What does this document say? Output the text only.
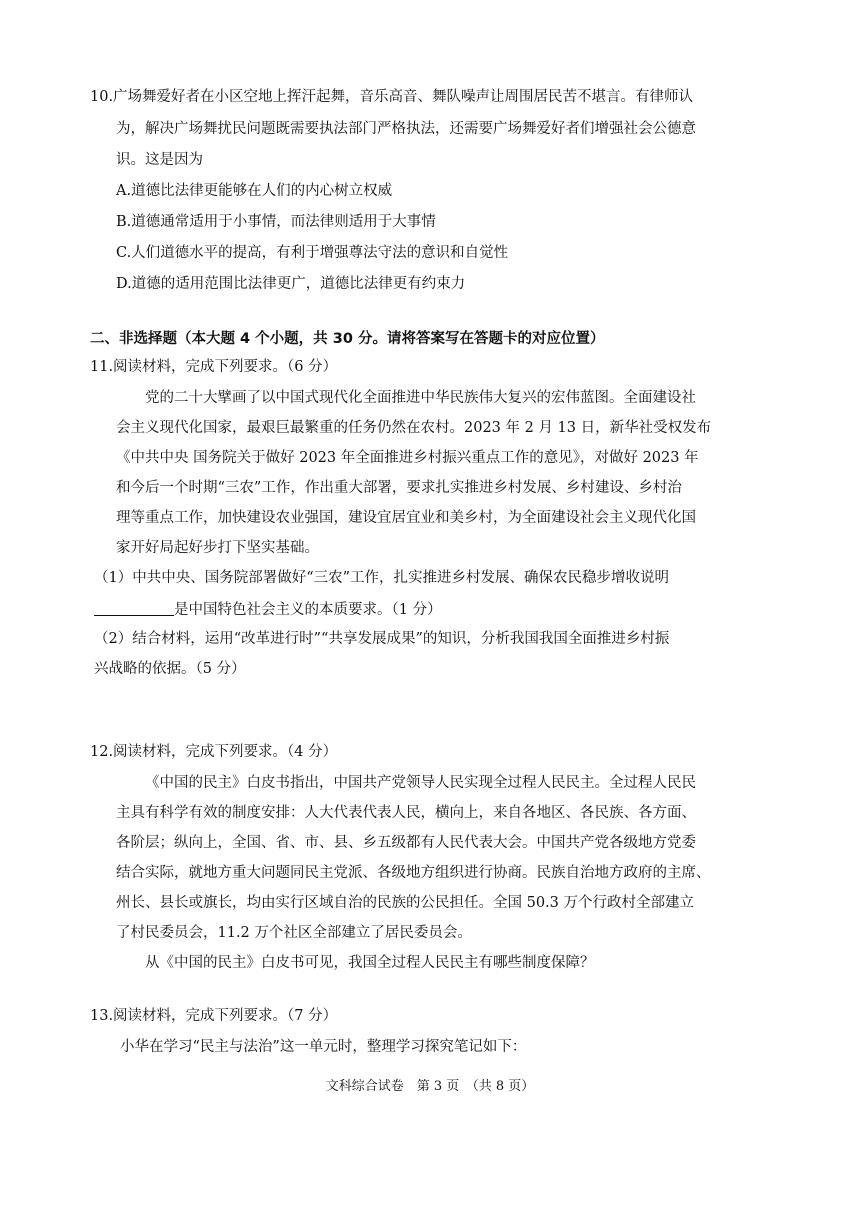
10.广场舞爱好者在小区空地上挥汗起舞，音乐高音、舞队噪声让周围居民苦不堪言。有律师认
为，解决广场舞扰民问题既需要执法部门严格执法，还需要广场舞爱好者们增强社会公德意
识。这是因为
A.道德比法律更能够在人们的内心树立权威
B.道德通常适用于小事情，而法律则适用于大事情
C.人们道德水平的提高，有利于增强尊法守法的意识和自觉性
D.道德的适用范围比法律更广，道德比法律更有约束力
二、非选择题（本大题 4 个小题，共 30 分。请将答案写在答题卡的对应位置）
11.阅读材料，完成下列要求。（6 分）
党的二十大擘画了以中国式现代化全面推进中华民族伟大复兴的宏伟蓝图。全面建设社
会主义现代化国家，最艰巨最繁重的任务仍然在农村。2023 年 2 月 13 日，新华社受权发布
《中共中央 国务院关于做好 2023 年全面推进乡村振兴重点工作的意见》，对做好 2023 年
和今后一个时期“三农”工作，作出重大部署，要求扎实推进乡村发展、乡村建设、乡村治
理等重点工作，加快建设农业强国，建设宜居宜业和美乡村，为全面建设社会主义现代化国
家开好局起好步打下坚实基础。
（1）中共中央、国务院部署做好“三农”工作，扎实推进乡村发展、确保农民稳步增收说明
是中国特色社会主义的本质要求。（1 分）
（2）结合材料，运用“改革进行时”“共享发展成果”的知识，分析我国我国全面推进乡村振
兴战略的依据。（5 分）
12.阅读材料，完成下列要求。（4 分）
《中国的民主》白皮书指出，中国共产党领导人民实现全过程人民民主。全过程人民民
主具有科学有效的制度安排：人大代表代表人民，横向上，来自各地区、各民族、各方面、
各阶层；纵向上，全国、省、市、县、乡五级都有人民代表大会。中国共产党各级地方党委
结合实际，就地方重大问题同民主党派、各级地方组织进行协商。民族自治地方政府的主席、
州长、县长或旗长，均由实行区域自治的民族的公民担任。全国 50.3 万个行政村全部建立
了村民委员会，11.2 万个社区全部建立了居民委员会。
从《中国的民主》白皮书可见，我国全过程人民民主有哪些制度保障？
13.阅读材料，完成下列要求。（7 分）
小华在学习“民主与法治”这一单元时，整理学习探究笔记如下：
文科综合试卷　第 3 页　（共 8 页）
